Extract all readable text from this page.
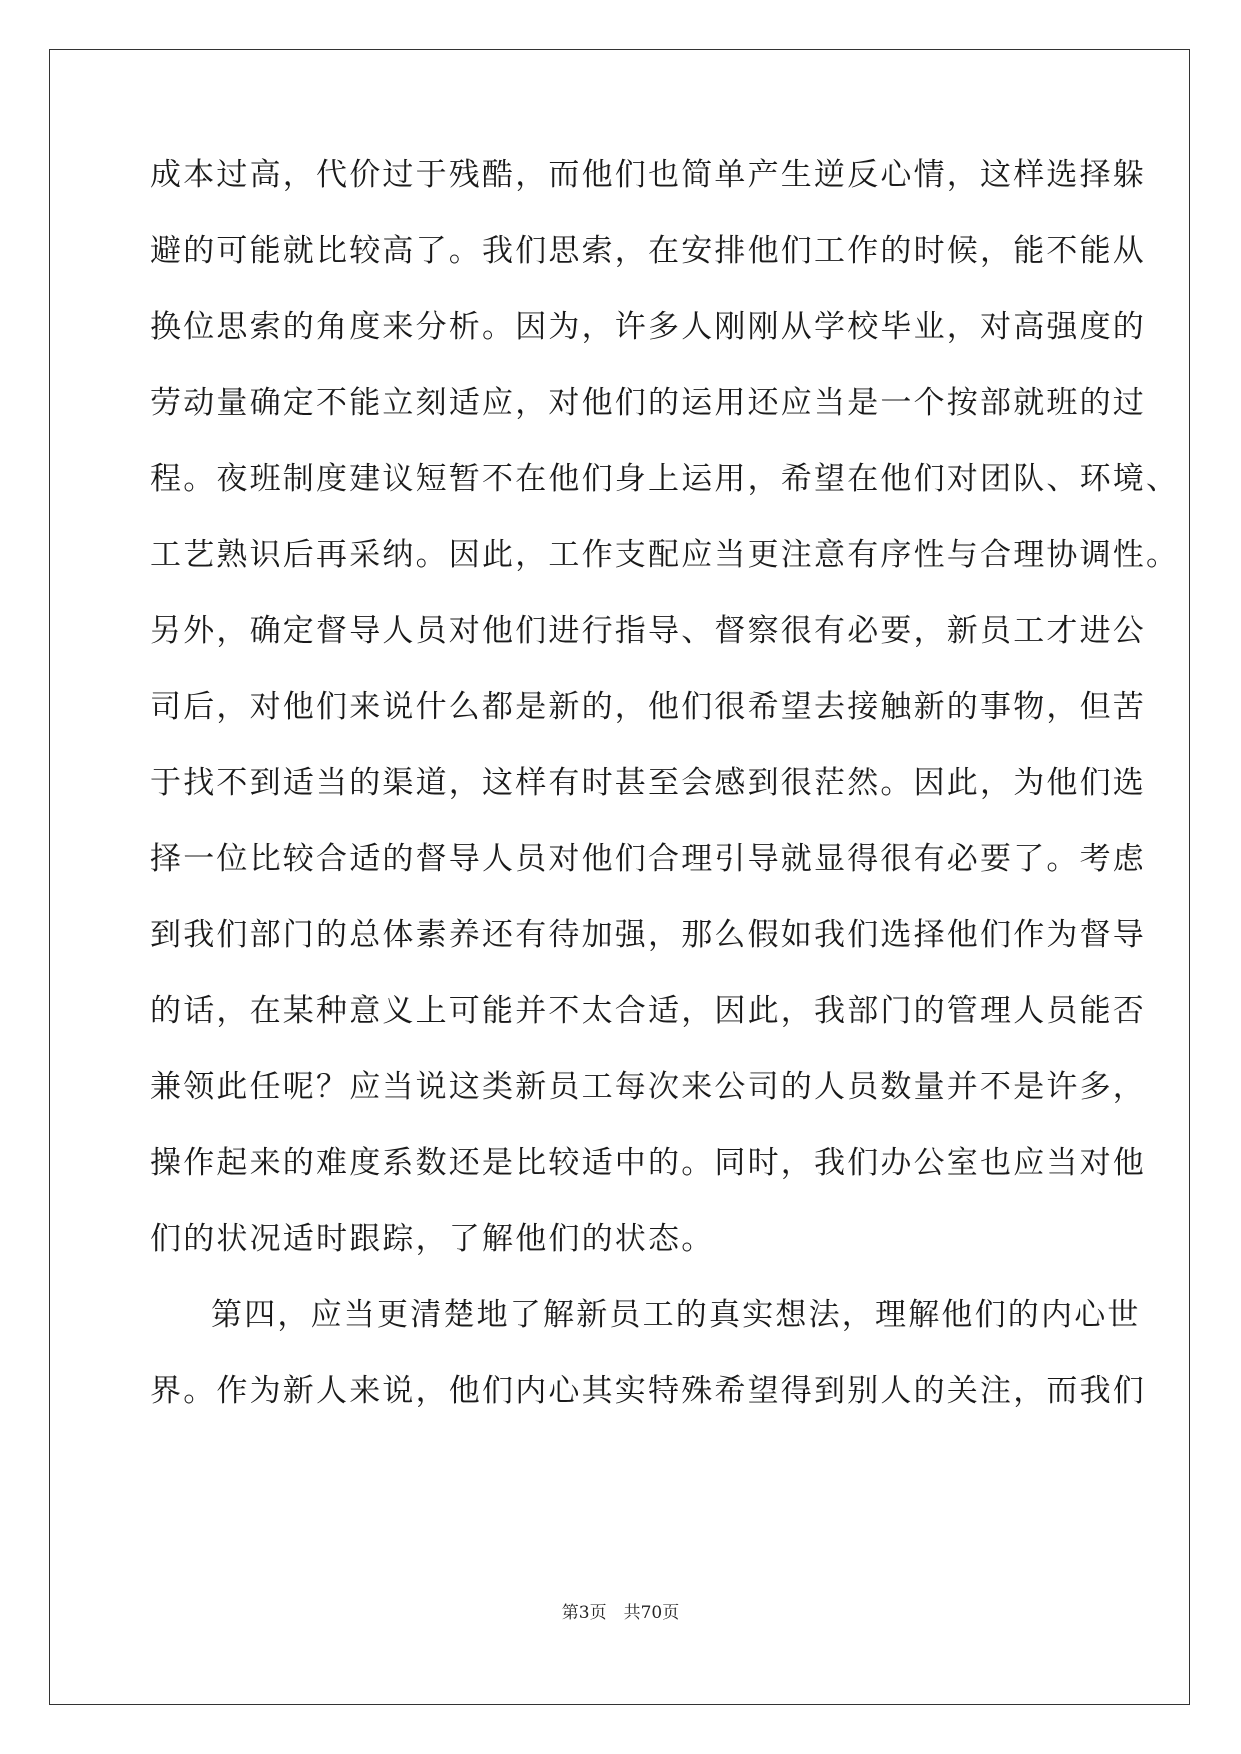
成本过高，代价过于残酷，而他们也简单产生逆反心情，这样选择躲
避的可能就比较高了。我们思索，在安排他们工作的时候，能不能从
换位思索的角度来分析。因为，许多人刚刚从学校毕业，对高强度的
劳动量确定不能立刻适应，对他们的运用还应当是一个按部就班的过
程。夜班制度建议短暂不在他们身上运用，希望在他们对团队、环境、
工艺熟识后再采纳。因此，工作支配应当更注意有序性与合理协调性。
另外，确定督导人员对他们进行指导、督察很有必要，新员工才进公
司后，对他们来说什么都是新的，他们很希望去接触新的事物，但苦
于找不到适当的渠道，这样有时甚至会感到很茫然。因此，为他们选
择一位比较合适的督导人员对他们合理引导就显得很有必要了。考虑
到我们部门的总体素养还有待加强，那么假如我们选择他们作为督导
的话，在某种意义上可能并不太合适，因此，我部门的管理人员能否
兼领此任呢？应当说这类新员工每次来公司的人员数量并不是许多，
操作起来的难度系数还是比较适中的。同时，我们办公室也应当对他
们的状况适时跟踪，了解他们的状态。
第四，应当更清楚地了解新员工的真实想法，理解他们的内心世
界。作为新人来说，他们内心其实特殊希望得到别人的关注，而我们
第3页　共70页
